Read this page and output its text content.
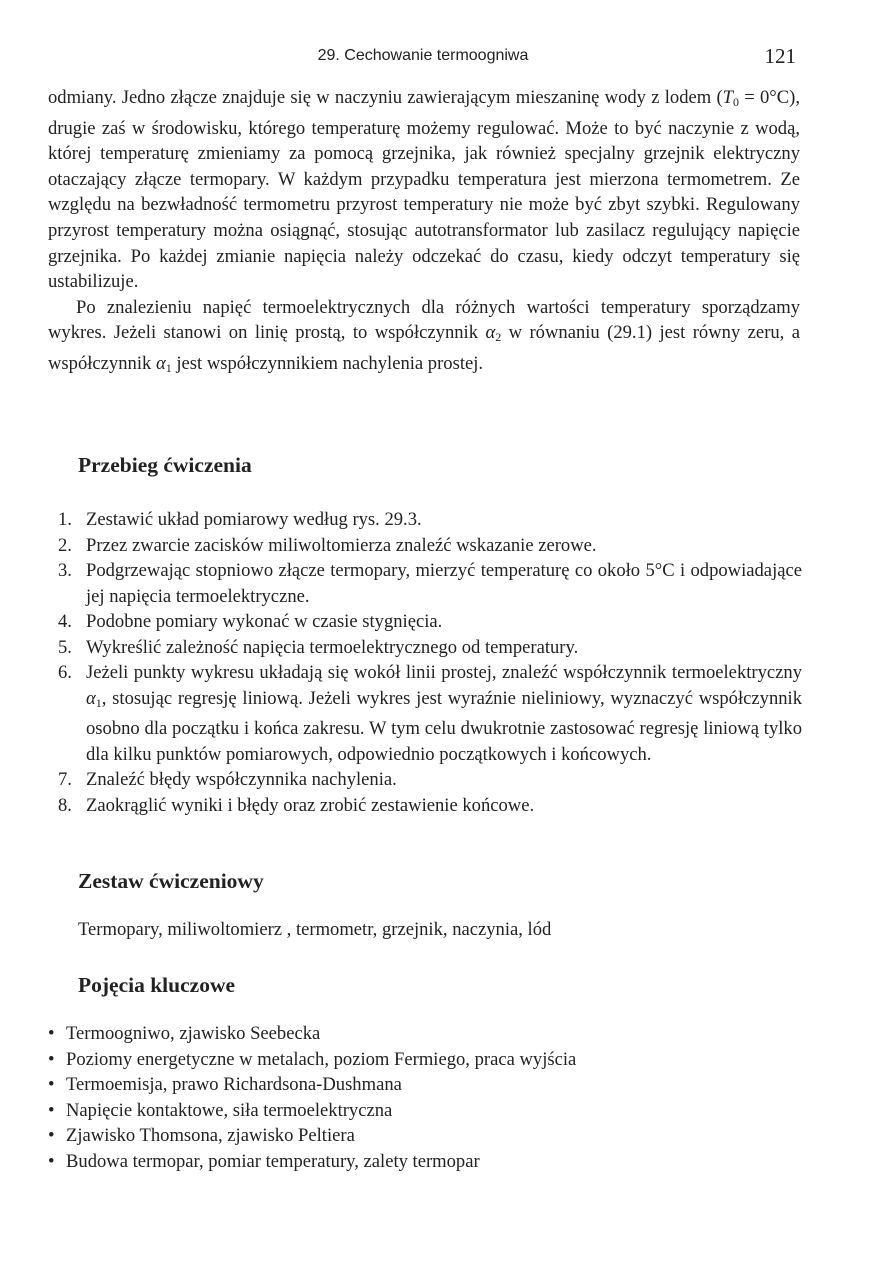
29. Cechowanie termoogniwa	121

odmiany. Jedno złącze znajduje się w naczyniu zawierającym mieszaninę wody z lodem $(T_0 = 0^\circ C)$, drugie zaś w środowisku, którego temperaturę możemy regulować. Może to być naczynie z wodą, której temperaturę zmieniamy za pomocą grzejnika, jak również specjalny grzejnik elektryczny otaczający złącze termopary. W każdym przypadku temperatura jest mierzona termometrem. Ze względu na bezwładność termometru przyrost temperatury nie może być zbyt szybki. Regulowany przyrost temperatury można osiągnąć, stosując autotransformator lub zasilacz regulujący napięcie grzejnika. Po każdej zmianie napięcia należy odczekać do czasu, kiedy odczyt temperatury się ustabilizuje.

Po znalezieniu napięć termoelektrycznych dla różnych wartości temperatury sporządzamy wykres. Jeżeli stanowi on linię prostą, to współczynnik $\alpha_2$ w równaniu (29.1) jest równy zeru, a współczynnik $\alpha_1$ jest współczynnikiem nachylenia prostej.

Przebieg ćwiczenia
1. Zestawić układ pomiarowy według rys. 29.3.
2. Przez zwarcie zacisków miliwoltomierza znaleźć wskazanie zerowe.
3. Podgrzewając stopniowo złącze termopary, mierzyć temperaturę co około 5°C i odpowiadające jej napięcia termoelektryczne.
4. Podobne pomiary wykonać w czasie stygnięcia.
5. Wykreślić zależność napięcia termoelektrycznego od temperatury.
6. Jeżeli punkty wykresu układają się wokół linii prostej, znaleźć współczynnik termoelektryczny $\alpha_1$, stosując regresję liniową. Jeżeli wykres jest wyraźnie nieliniowy, wyznaczyć współczynnik osobno dla początku i końca zakresu. W tym celu dwukrotnie zastosować regresję liniową tylko dla kilku punktów pomiarowych, odpowiednio początkowych i końcowych.
7. Znaleźć błędy współczynnika nachylenia.
8. Zaokrąglić wyniki i błędy oraz zrobić zestawienie końcowe.
Zestaw ćwiczeniowy

Termopary, miliwoltomierz , termometr, grzejnik, naczynia, lód

Pojęcia kluczowe
• Termoogniwo, zjawisko Seebecka
• Poziomy energetyczne w metalach, poziom Fermiego, praca wyjścia
• Termoemisja, prawo Richardsona-Dushmana
• Napięcie kontaktowe, siła termoelektryczna
• Zjawisko Thomsona, zjawisko Peltiera
• Budowa termopar, pomiar temperatury, zalety termopar
